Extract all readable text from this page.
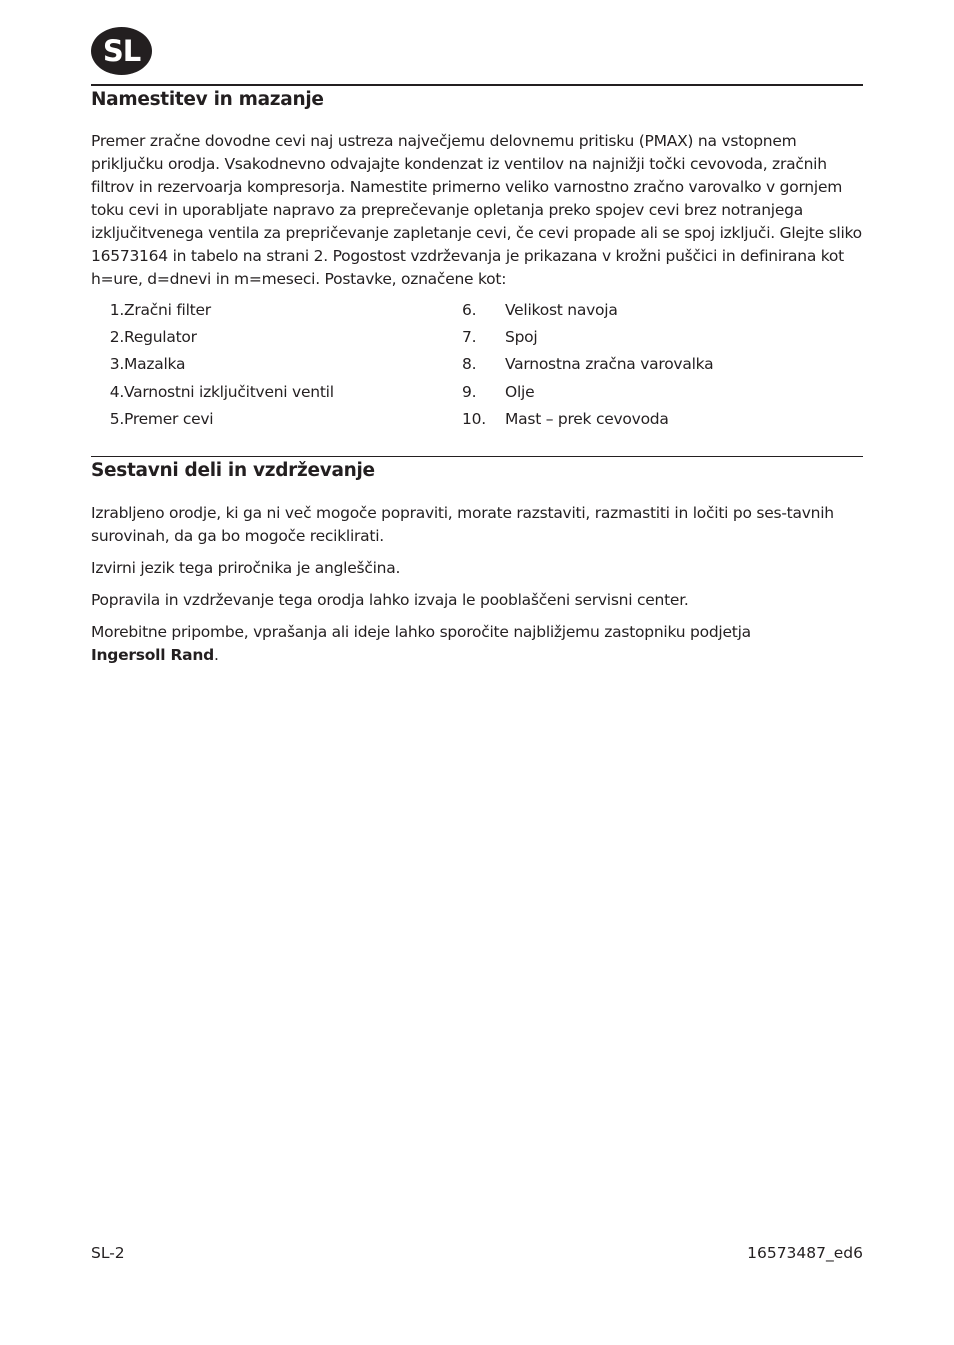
SL
Namestitev in mazanje

Premer zračne dovodne cevi naj ustreza največjemu delovnemu pritisku (PMAX) na vstopnem priključku orodja. Vsakodnevno odvajajte kondenzat iz ventilov na najnižji točki cevovoda, zračnih filtrov in rezervoarja kompresorja. Namestite primerno veliko varnostno zračno varovalko v gornjem toku cevi in uporabljate napravo za preprečevanje opletanja preko spojev cevi brez notranjega izključitvenega ventila za prepričevanje zapletanje cevi, če cevi propade ali se spoj izključi. Glejte sliko 16573164 in tabelo na strani 2. Pogostost vzdrževanja je prikazana v krožni puščici in definirana kot h=ure, d=dnevi in m=meseci. Postavke, označene kot:

1. Zračni filter
2. Regulator
3. Mazalka
4. Varnostni izključitveni ventil
5. Premer cevi
6.	Velikost navoja
7.	Spoj
8.	Varnostna zračna varovalka
9.	Olje
10.	Mast – prek cevovoda
Sestavni deli in vzdrževanje

Izrabljeno orodje, ki ga ni več mogoče popraviti, morate razstaviti, razmastiti in ločiti po ses-tavnih surovinah, da ga bo mogoče reciklirati.

Izvirni jezik tega priročnika je angleščina.

Popravila in vzdrževanje tega orodja lahko izvaja le pooblaščeni servisni center.

Morebitne pripombe, vprašanja ali ideje lahko sporočite najbližjemu zastopniku podjetja
Ingersoll Rand.

SL-2	16573487_ed6
